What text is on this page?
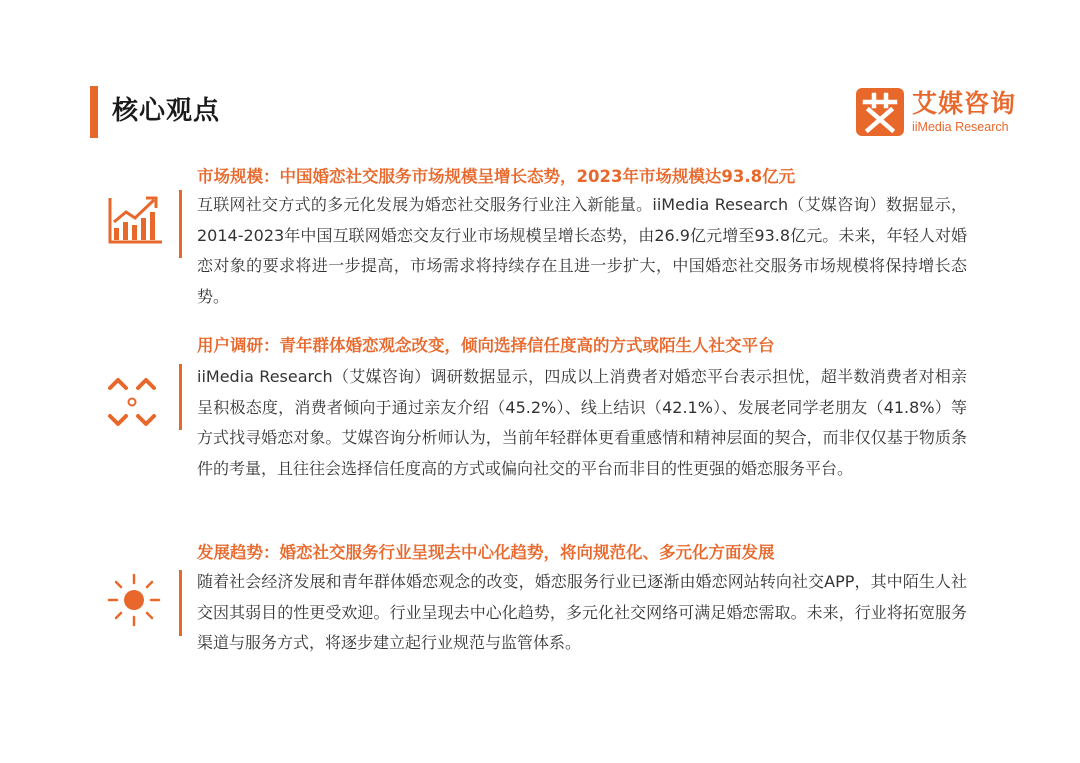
核心观点	艾媒咨询
iiMedia Research
市场规模：中国婚恋社交服务市场规模呈增长态势，2023年市场规模达93.8亿元
互联网社交方式的多元化发展为婚恋社交服务行业注入新能量。iiMedia Research（艾媒咨询）数据显示，2014-2023年中国互联网婚恋交友行业市场规模呈增长态势，由26.9亿元增至93.8亿元。未来，年轻人对婚恋对象的要求将进一步提高，市场需求将持续存在且进一步扩大，中国婚恋社交服务市场规模将保持增长态势。
用户调研：青年群体婚恋观念改变，倾向选择信任度高的方式或陌生人社交平台
iiMedia Research（艾媒咨询）调研数据显示，四成以上消费者对婚恋平台表示担忧，超半数消费者对相亲呈积极态度，消费者倾向于通过亲友介绍（45.2%）、线上结识（42.1%）、发展老同学老朋友（41.8%）等方式找寻婚恋对象。艾媒咨询分析师认为，当前年轻群体更看重感情和精神层面的契合，而非仅仅基于物质条件的考量，且往往会选择信任度高的方式或偏向社交的平台而非目的性更强的婚恋服务平台。
发展趋势：婚恋社交服务行业呈现去中心化趋势，将向规范化、多元化方面发展
随着社会经济发展和青年群体婚恋观念的改变，婚恋服务行业已逐渐由婚恋网站转向社交APP，其中陌生人社交因其弱目的性更受欢迎。行业呈现去中心化趋势，多元化社交网络可满足婚恋需取。未来，行业将拓宽服务渠道与服务方式，将逐步建立起行业规范与监管体系。
